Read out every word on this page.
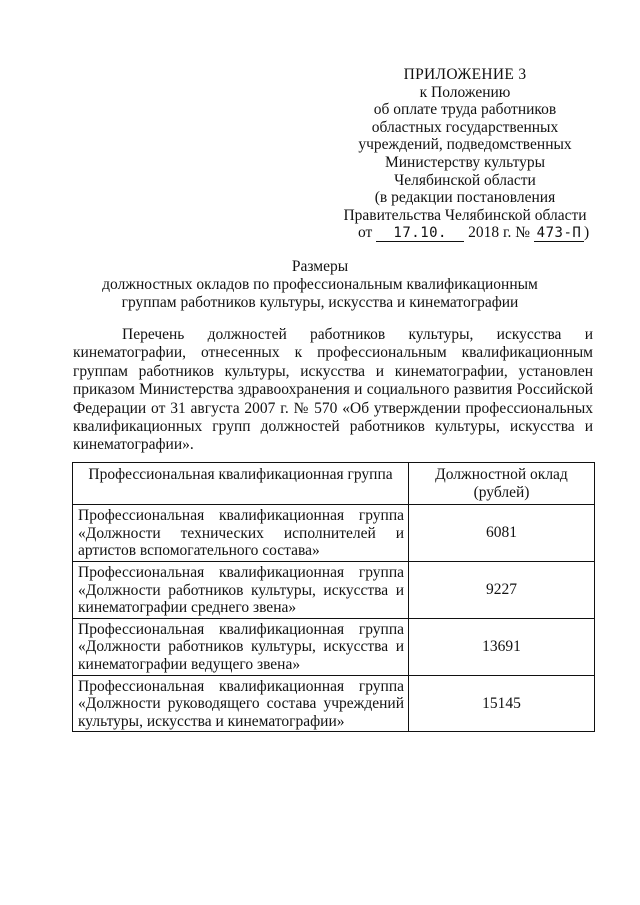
ПРИЛОЖЕНИЕ 3
к Положению
об оплате труда работников
областных государственных
учреждений, подведомственных
Министерству культуры
Челябинской области
(в редакции постановления
Правительства Челябинской области
от 17.10. 2018 г. № 473-П )
Размеры
должностных окладов по профессиональным квалификационным
группам работников культуры, искусства и кинематографии

Перечень должностей работников культуры, искусства и кинематографии, отнесенных к профессиональным квалификационным группам работников культуры, искусства и кинематографии, установлен приказом Министерства здравоохранения и социального развития Российской Федерации от 31 августа 2007 г. № 570 «Об утверждении профессиональных квалификационных групп должностей работников культуры, искусства и кинематографии».

Профессиональная квалификационная группа	Должностной оклад (рублей)
Профессиональная квалификационная группа «Должности технических исполнителей и артистов вспомогательного состава»	6081
Профессиональная квалификационная группа «Должности работников культуры, искусства и кинематографии среднего звена»	9227
Профессиональная квалификационная группа «Должности работников культуры, искусства и кинематографии ведущего звена»	13691
Профессиональная квалификационная группа «Должности руководящего состава учреждений культуры, искусства и кинематографии»	15145
